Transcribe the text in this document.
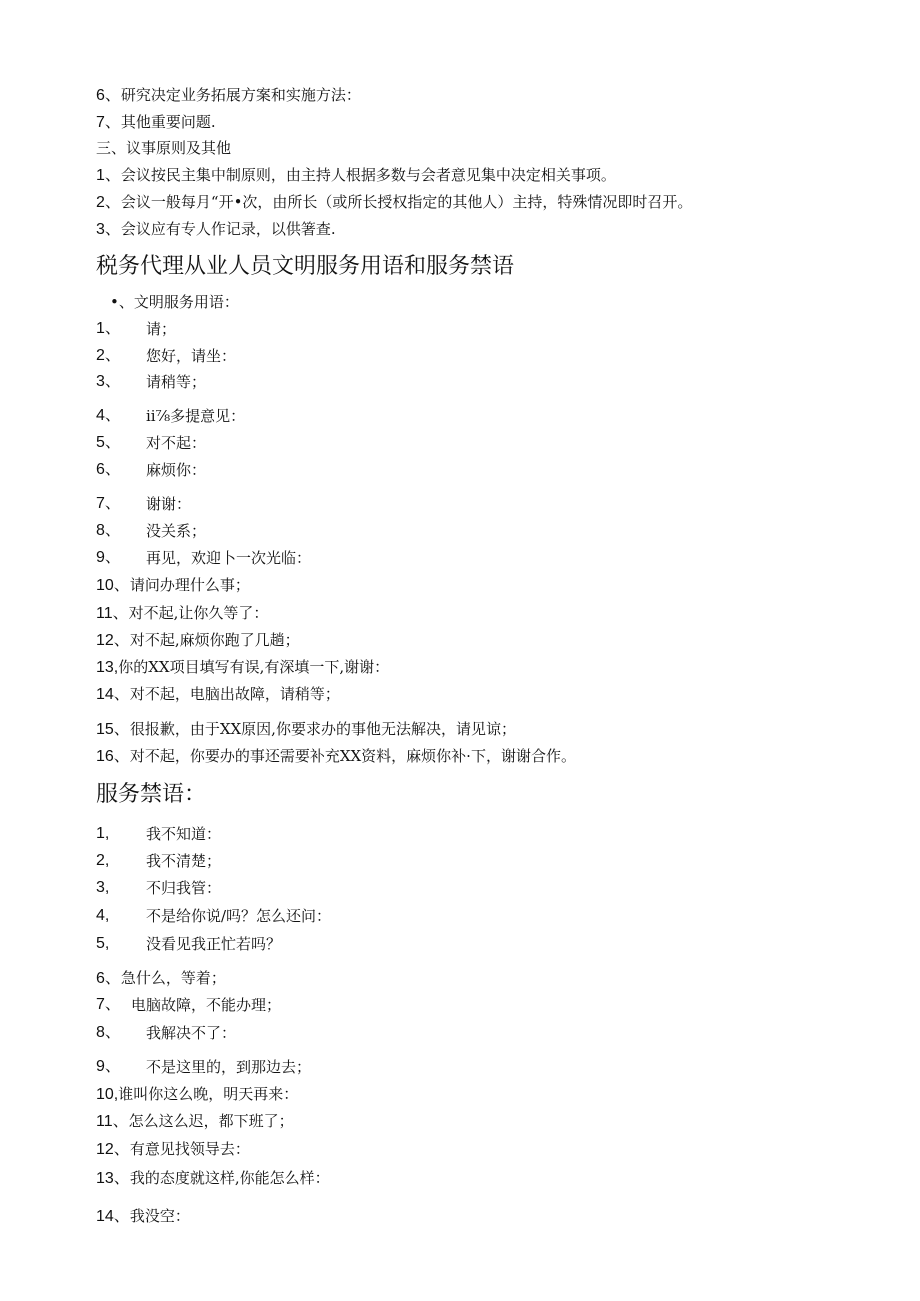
6、研究决定业务拓展方案和实施方法：
7、其他重要问题.
三、议事原则及其他
1、会议按民主集中制原则，由主持人根据多数与会者意见集中决定相关事项。
2、会议一般每月“开•次，由所长（或所长授权指定的其他人）主持，特殊情况即时召开。
3、会议应有专人作记录，以供箸查.
税务代理从业人员文明服务用语和服务禁语
•、文明服务用语：
1、 请；
2、 您好，请坐：
3、 请稍等；
4、 ii⅞多提意见：
5、 对不起：
6、 麻烦你：
7、 谢谢：
8、 没关系；
9、 再见，欢迎卜一次光临：
10、请问办理什么事；
11、对不起,让你久等了：
12、对不起,麻烦你跑了几趟；
13,你的XX项目填写有误,有深填一下,谢谢：
14、对不起，电脑出故障，请稍等；
15、很报歉，由于XX原因,你要求办的事他无法解决，请见谅；
16、对不起，你要办的事还需要补充XX资料，麻烦你补·下，谢谢合作。
服务禁语：
1, 我不知道：
2, 我不清楚；
3, 不归我管：
4, 不是给你说/吗？怎么还问：
5, 没看见我正忙若吗？
6、急什么，等着；
7、 电脑故障，不能办理；
8、 我解决不了：
9、 不是这里的，到那边去；
10,谁叫你这么晚，明天再来：
11、怎么这么迟，都下班了；
12、有意见找领导去：
13、我的态度就这样,你能怎么样：
14、我没空：
